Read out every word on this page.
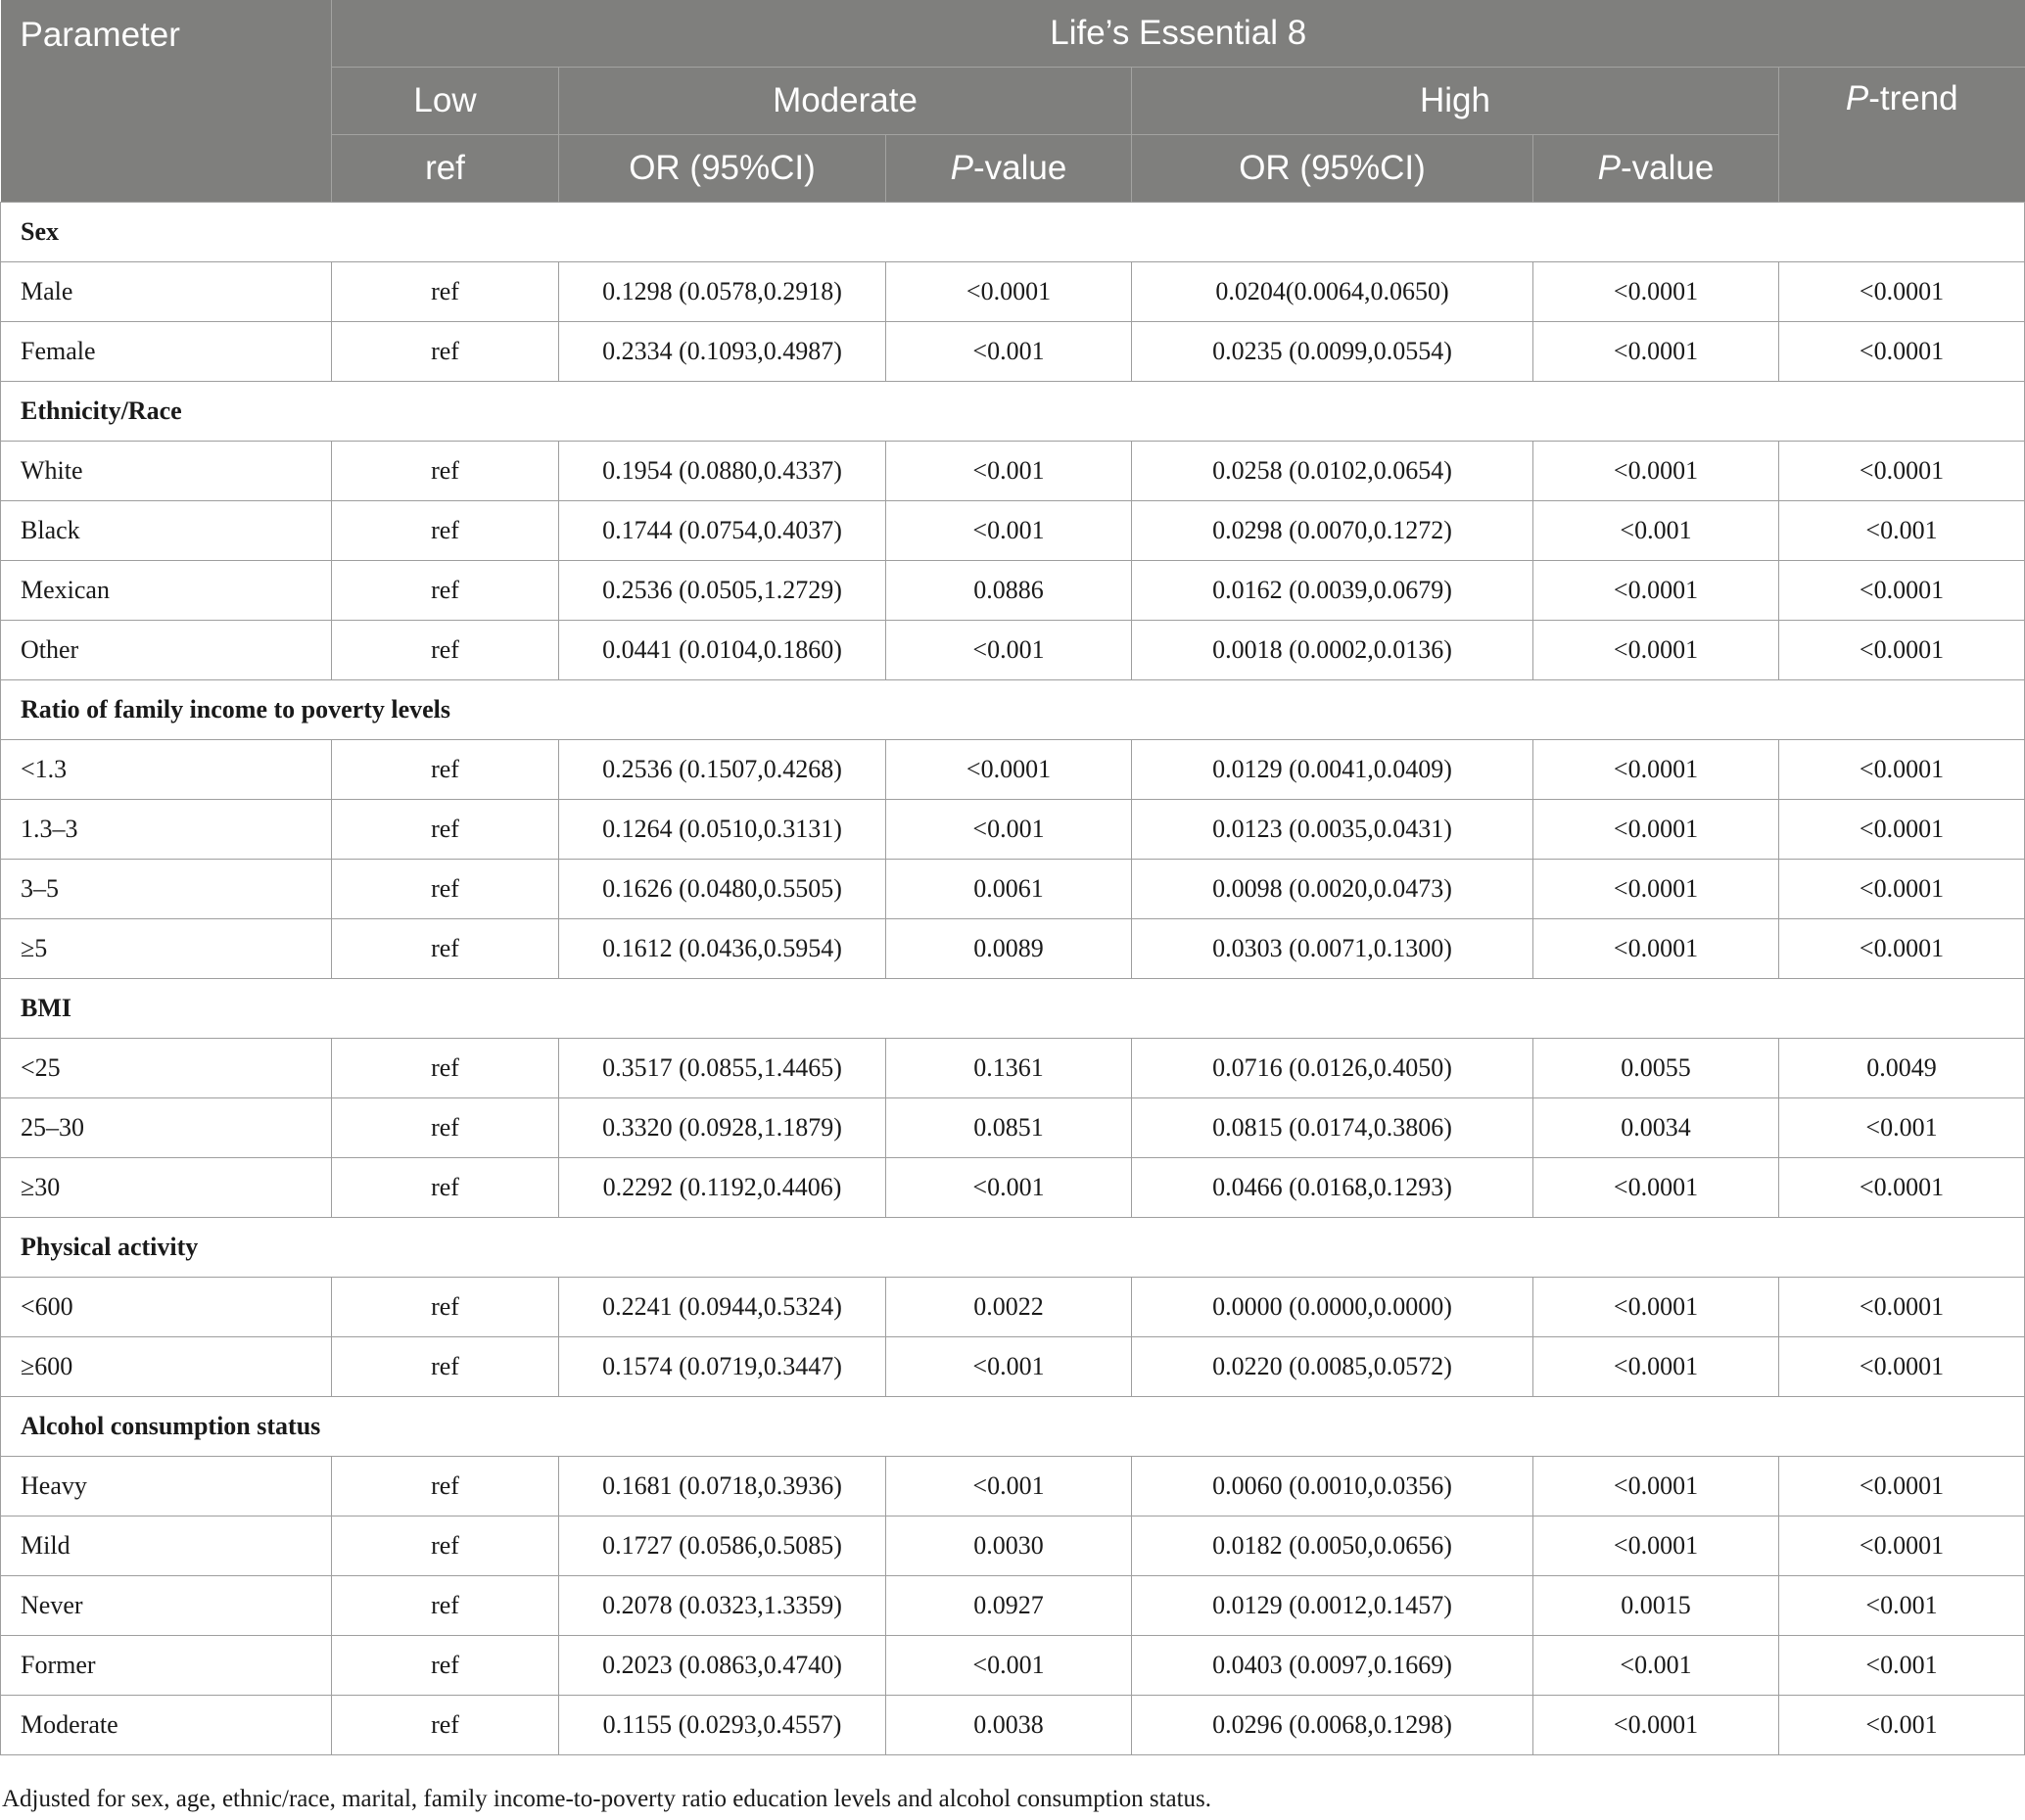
Parameter	Life’s Essential 8					
	Low	Moderate		High		P-trend
	ref	OR (95%CI)	P-value	OR (95%CI)	P-value	
Sex						
Male	ref	0.1298 (0.0578,0.2918)	<0.0001	0.0204(0.0064,0.0650)	<0.0001	<0.0001
Female	ref	0.2334 (0.1093,0.4987)	<0.001	0.0235 (0.0099,0.0554)	<0.0001	<0.0001
Ethnicity/Race						
White	ref	0.1954 (0.0880,0.4337)	<0.001	0.0258 (0.0102,0.0654)	<0.0001	<0.0001
Black	ref	0.1744 (0.0754,0.4037)	<0.001	0.0298 (0.0070,0.1272)	<0.001	<0.001
Mexican	ref	0.2536 (0.0505,1.2729)	0.0886	0.0162 (0.0039,0.0679)	<0.0001	<0.0001
Other	ref	0.0441 (0.0104,0.1860)	<0.001	0.0018 (0.0002,0.0136)	<0.0001	<0.0001
Ratio of family income to poverty levels						
<1.3	ref	0.2536 (0.1507,0.4268)	<0.0001	0.0129 (0.0041,0.0409)	<0.0001	<0.0001
1.3–3	ref	0.1264 (0.0510,0.3131)	<0.001	0.0123 (0.0035,0.0431)	<0.0001	<0.0001
3–5	ref	0.1626 (0.0480,0.5505)	0.0061	0.0098 (0.0020,0.0473)	<0.0001	<0.0001
≥5	ref	0.1612 (0.0436,0.5954)	0.0089	0.0303 (0.0071,0.1300)	<0.0001	<0.0001
BMI						
<25	ref	0.3517 (0.0855,1.4465)	0.1361	0.0716 (0.0126,0.4050)	0.0055	0.0049
25–30	ref	0.3320 (0.0928,1.1879)	0.0851	0.0815 (0.0174,0.3806)	0.0034	<0.001
≥30	ref	0.2292 (0.1192,0.4406)	<0.001	0.0466 (0.0168,0.1293)	<0.0001	<0.0001
Physical activity						
<600	ref	0.2241 (0.0944,0.5324)	0.0022	0.0000 (0.0000,0.0000)	<0.0001	<0.0001
≥600	ref	0.1574 (0.0719,0.3447)	<0.001	0.0220 (0.0085,0.0572)	<0.0001	<0.0001
Alcohol consumption status						
Heavy	ref	0.1681 (0.0718,0.3936)	<0.001	0.0060 (0.0010,0.0356)	<0.0001	<0.0001
Mild	ref	0.1727 (0.0586,0.5085)	0.0030	0.0182 (0.0050,0.0656)	<0.0001	<0.0001
Never	ref	0.2078 (0.0323,1.3359)	0.0927	0.0129 (0.0012,0.1457)	0.0015	<0.001
Former	ref	0.2023 (0.0863,0.4740)	<0.001	0.0403 (0.0097,0.1669)	<0.001	<0.001
Moderate	ref	0.1155 (0.0293,0.4557)	0.0038	0.0296 (0.0068,0.1298)	<0.0001	<0.001
Adjusted for sex, age, ethnic/race, marital, family income-to-poverty ratio education levels and alcohol consumption status.
